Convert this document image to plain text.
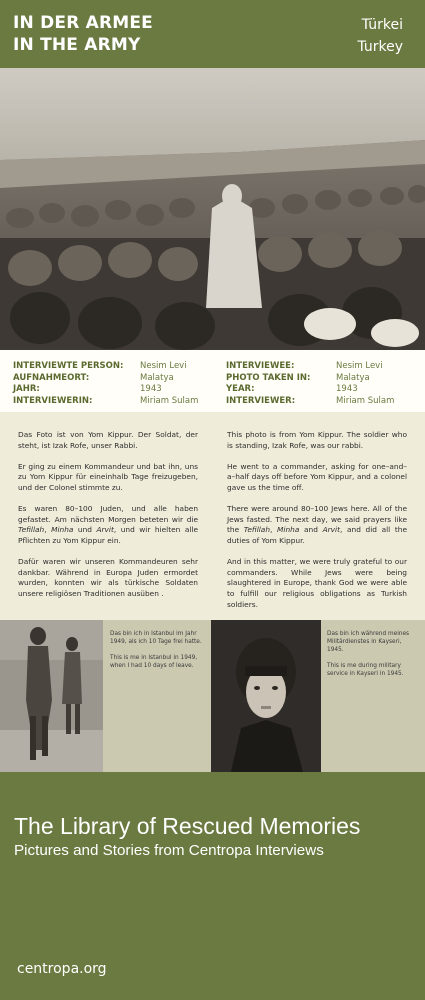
IN DER ARMEE
IN THE ARMY
Türkei
Turkey
INTERVIEWTE PERSON: Nesim Levi
AUFNAHMEORT:	Malatya
JAHR:	1943
INTERVIEWERIN:	Miriam Sulam
INTERVIEWEE:	Nesim Levi
PHOTO TAKEN IN:	Malatya
YEAR:	1943
INTERVIEWER:	Miriam Sulam

Das Foto ist von Yom Kippur. Der Soldat, der steht, ist Izak Rofe, unser Rabbi.

Er ging zu einem Kommandeur und bat ihn, uns zu Yom Kippur für eineinhalb Tage freizugeben, und der Colonel stimmte zu.

Es waren 80–100 Juden, und alle haben gefastet. Am nächsten Morgen beteten wir die Tefillah, Minha und Arvit, und wir hielten alle Pflichten zu Yom Kippur ein.

Dafür waren wir unseren Kommandeuren sehr dankbar. Während in Europa Juden ermordet wurden, konnten wir als türkische Soldaten unsere religiösen Traditionen ausüben .

This photo is from Yom Kippur. The soldier who is standing, Izak Rofe, was our rabbi.

He went to a commander, asking for one–and–a–half days off before Yom Kippur, and a colonel gave us the time off.

There were around 80–100 Jews here. All of the Jews fasted. The next day, we said prayers like the Tefillah, Minha and Arvit, and did all the duties of Yom Kippur.

And in this matter, we were truly grateful to our commanders. While Jews were being slaughtered in Europe, thank God we were able to fulfill our religious obligations as Turkish soldiers.

Das bin ich in Istanbul im Jahr 1949, als ich 10 Tage frei hatte.

This is me in Istanbul in 1949, when I had 10 days of leave.

Das bin ich während meines Militärdienstes in Kayseri, 1945.

This is me during military service in Kayseri in 1945.

The Library of Rescued Memories
Pictures and Stories from Centropa Interviews
centropa.org
